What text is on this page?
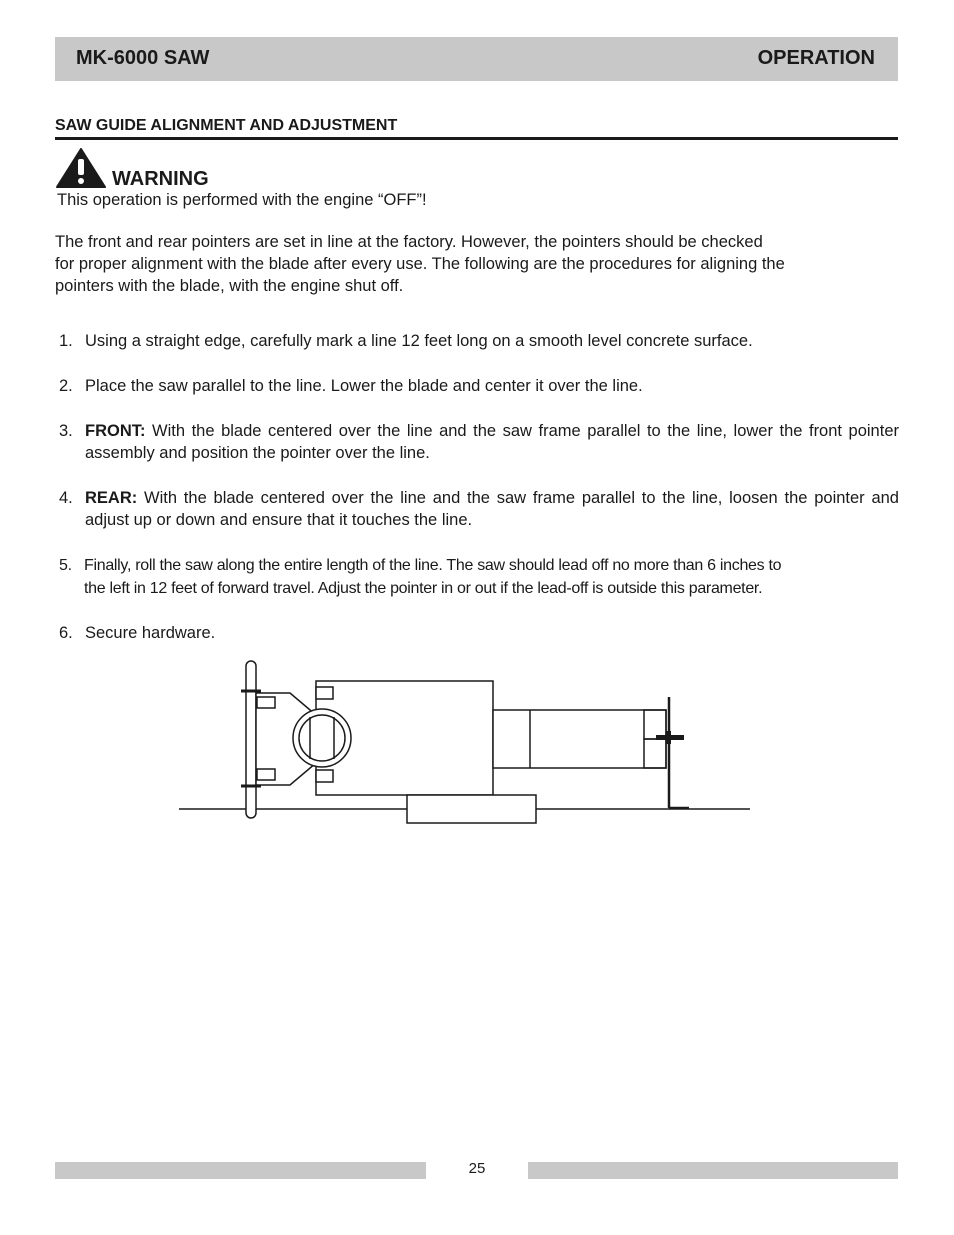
MK-6000 SAW	OPERATION
SAW GUIDE ALIGNMENT AND ADJUSTMENT
WARNING
This operation is performed with the engine “OFF”!
The front and rear pointers are set in line at the factory. However, the pointers should be checked
for proper alignment with the blade after every use. The following are the procedures for aligning the
pointers with the blade, with the engine shut off.
1. Using a straight edge, carefully mark a line 12 feet long on a smooth level concrete surface.
2. Place the saw parallel to the line. Lower the blade and center it over the line.
3. FRONT: With the blade centered over the line and the saw frame parallel to the line, lower the front pointer assembly and position the pointer over the line.
4. REAR: With the blade centered over the line and the saw frame parallel to the line, loosen the pointer and adjust up or down and ensure that it touches the line.
5. Finally, roll the saw along the entire length of the line. The saw should lead off no more than 6 inches to
the left in 12 feet of forward travel. Adjust the pointer in or out if the lead-off is outside this parameter.
6. Secure hardware.
25
